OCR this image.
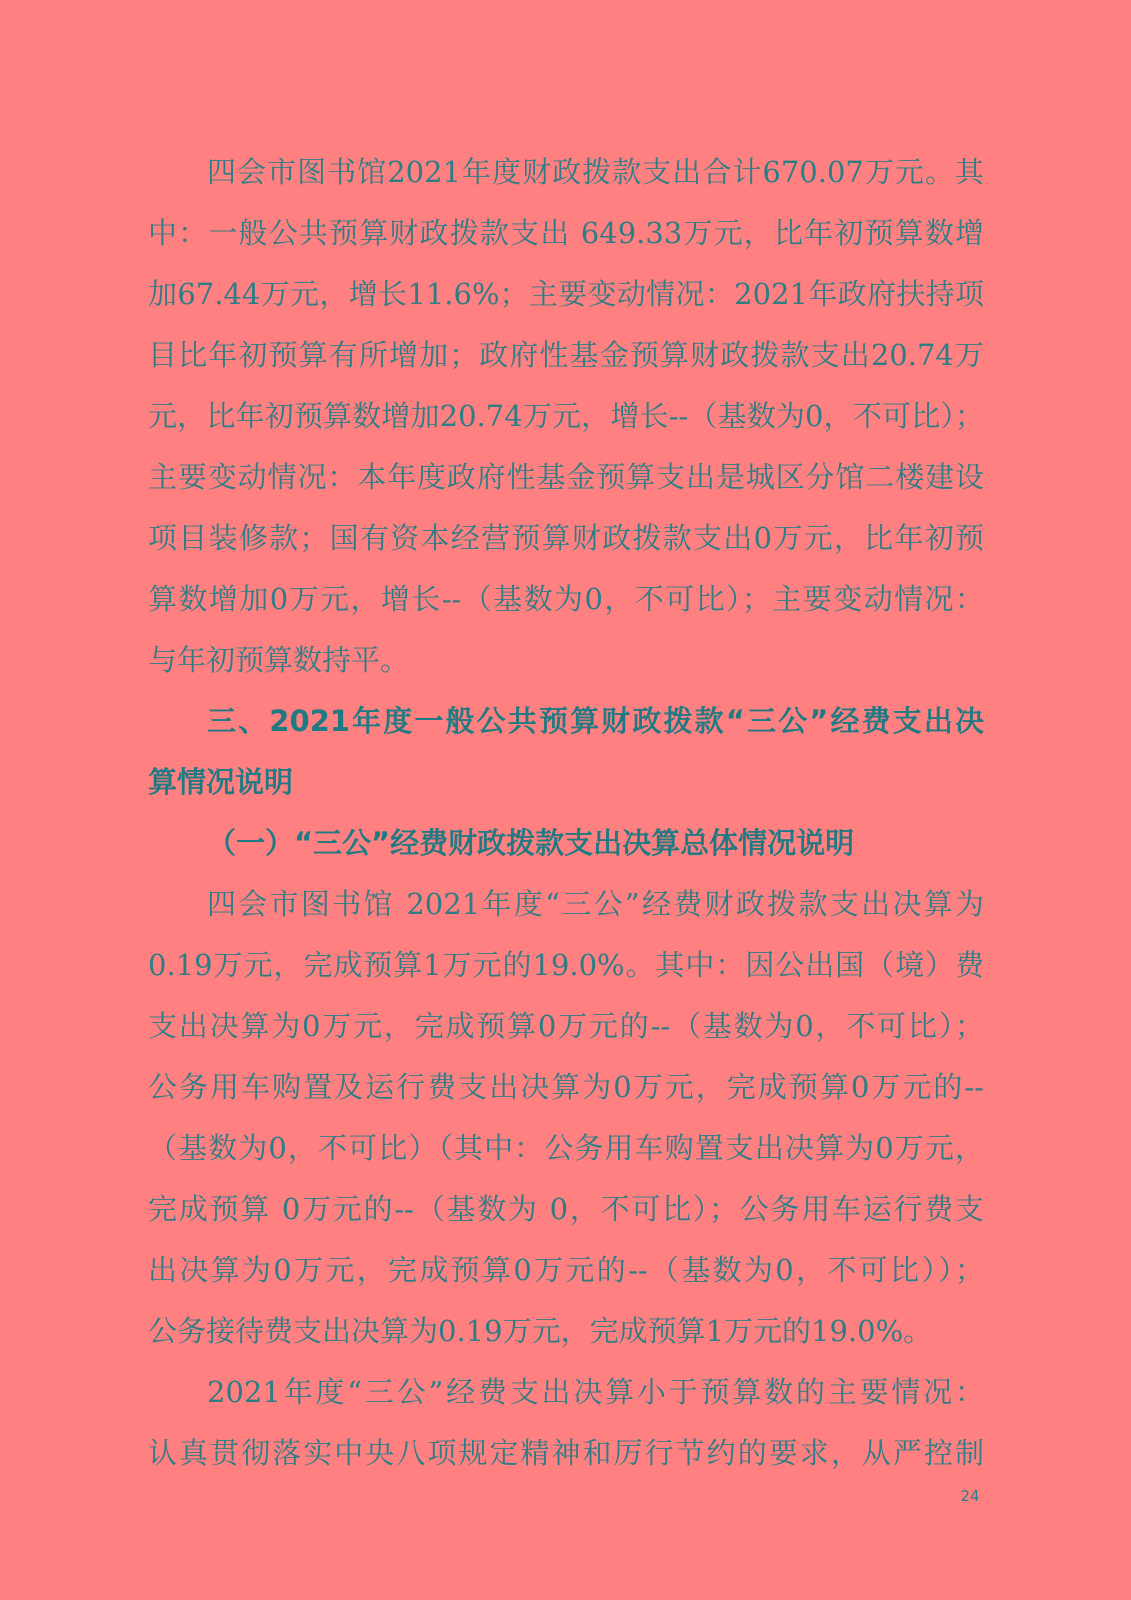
四会市图书馆2021年度财政拨款支出合计670.07万元。其
中：一般公共预算财政拨款支出 649.33万元，比年初预算数增
加67.44万元，增长11.6%；主要变动情况：2021年政府扶持项
目比年初预算有所增加；政府性基金预算财政拨款支出20.74万
元，比年初预算数增加20.74万元，增长--（基数为0，不可比）；
主要变动情况：本年度政府性基金预算支出是城区分馆二楼建设
项目装修款；国有资本经营预算财政拨款支出0万元，比年初预
算数增加0万元，增长--（基数为0，不可比）；主要变动情况：
与年初预算数持平。
三、2021年度一般公共预算财政拨款“三公”经费支出决
算情况说明
（一）“三公”经费财政拨款支出决算总体情况说明
四会市图书馆 2021年度“三公”经费财政拨款支出决算为
0.19万元，完成预算1万元的19.0%。其中：因公出国（境）费
支出决算为0万元，完成预算0万元的--（基数为0，不可比）；
公务用车购置及运行费支出决算为0万元，完成预算0万元的--
（基数为0，不可比）（其中：公务用车购置支出决算为0万元，
完成预算 0万元的--（基数为 0，不可比）；公务用车运行费支
出决算为0万元，完成预算0万元的--（基数为0，不可比））；
公务接待费支出决算为0.19万元，完成预算1万元的19.0%。
2021年度“三公”经费支出决算小于预算数的主要情况：
认真贯彻落实中央八项规定精神和厉行节约的要求，从严控制
24
